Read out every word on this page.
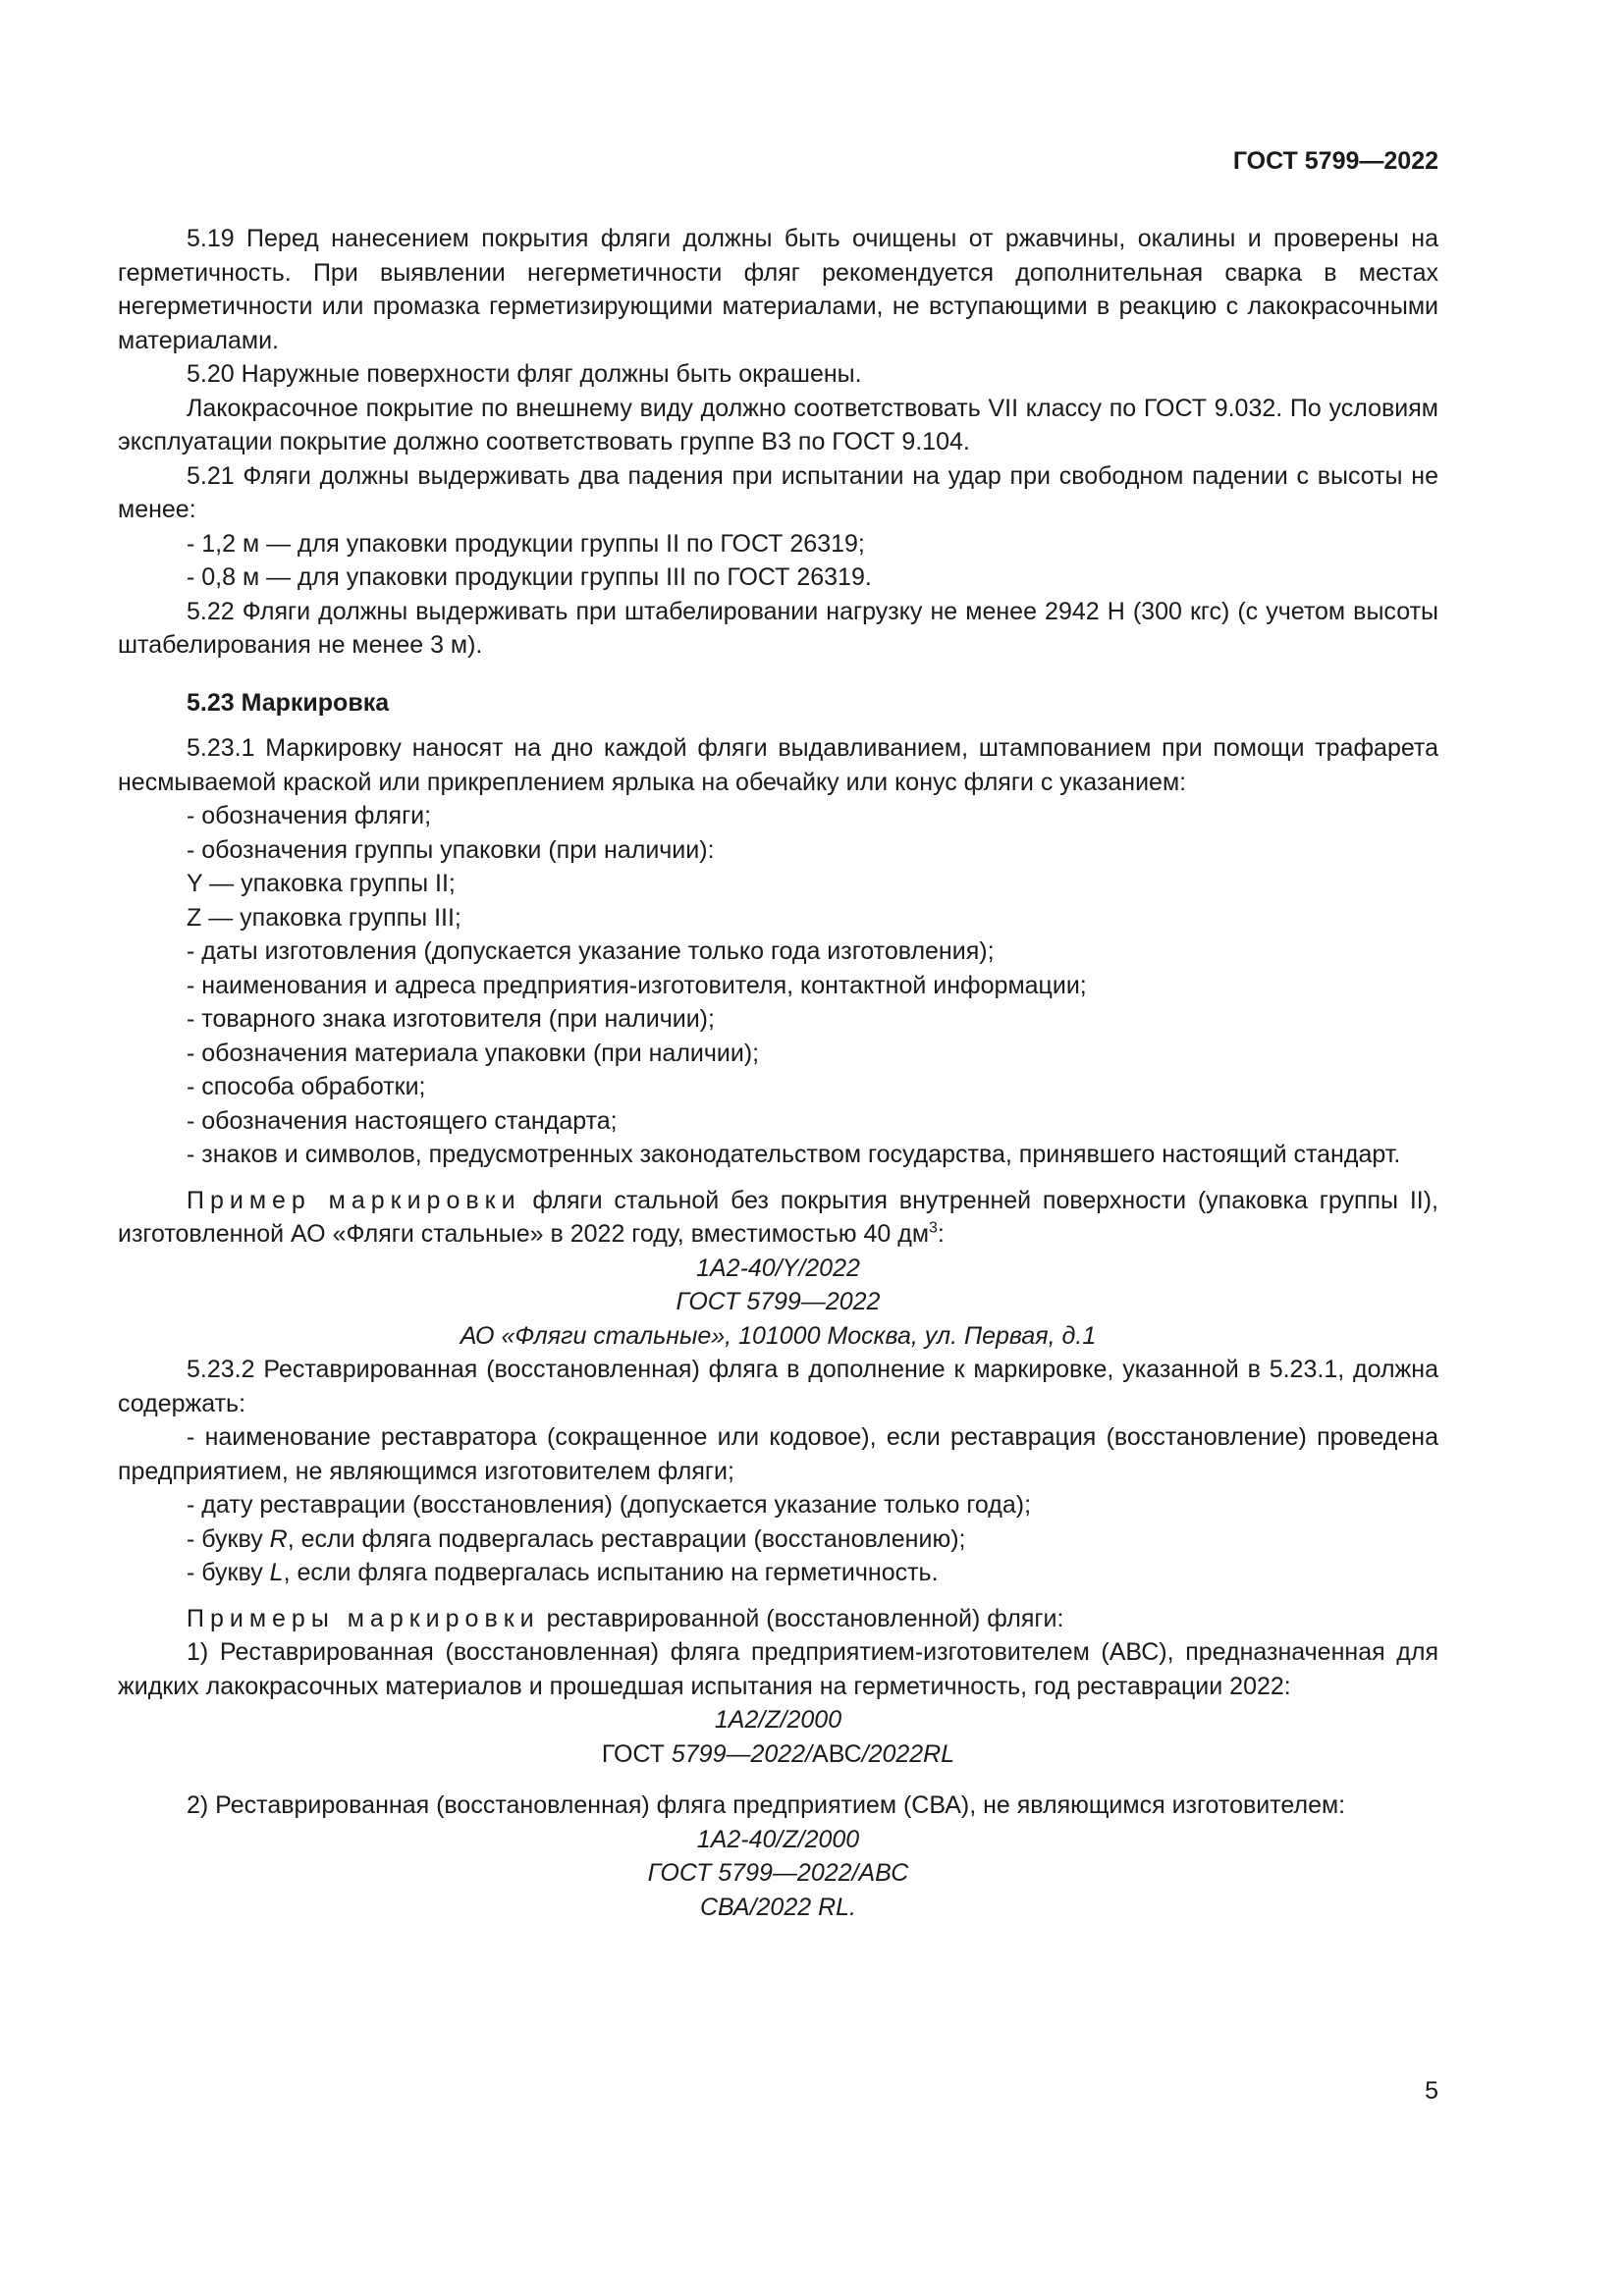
ГОСТ 5799—2022

5.19 Перед нанесением покрытия фляги должны быть очищены от ржавчины, окалины и проверены на герметичность. При выявлении негерметичности фляг рекомендуется дополнительная сварка в местах негерметичности или промазка герметизирующими материалами, не вступающими в реакцию с лакокрасочными материалами.

5.20 Наружные поверхности фляг должны быть окрашены.

Лакокрасочное покрытие по внешнему виду должно соответствовать VII классу по ГОСТ 9.032. По условиям эксплуатации покрытие должно соответствовать группе В3 по ГОСТ 9.104.

5.21 Фляги должны выдерживать два падения при испытании на удар при свободном падении с высоты не менее:

- 1,2 м — для упаковки продукции группы II по ГОСТ 26319;

- 0,8 м — для упаковки продукции группы III по ГОСТ 26319.

5.22 Фляги должны выдерживать при штабелировании нагрузку не менее 2942 Н (300 кгс) (с учетом высоты штабелирования не менее 3 м).

5.23 Маркировка

5.23.1 Маркировку наносят на дно каждой фляги выдавливанием, штампованием при помощи трафарета несмываемой краской или прикреплением ярлыка на обечайку или конус фляги с указанием:

- обозначения фляги;

- обозначения группы упаковки (при наличии):

Y — упаковка группы II;

Z — упаковка группы III;

- даты изготовления (допускается указание только года изготовления);

- наименования и адреса предприятия-изготовителя, контактной информации;

- товарного знака изготовителя (при наличии);

- обозначения материала упаковки (при наличии);

- способа обработки;

- обозначения настоящего стандарта;

- знаков и символов, предусмотренных законодательством государства, принявшего настоящий стандарт.

Пример маркировки фляги стальной без покрытия внутренней поверхности (упаковка группы II), изготовленной АО «Фляги стальные» в 2022 году, вместимостью 40 $дм^3$:

1A2-40/Y/2022

ГОСТ 5799—2022

АО «Фляги стальные», 101000 Москва, ул. Первая, д.1

5.23.2 Реставрированная (восстановленная) фляга в дополнение к маркировке, указанной в 5.23.1, должна содержать:

- наименование реставратора (сокращенное или кодовое), если реставрация (восстановление) проведена предприятием, не являющимся изготовителем фляги;

- дату реставрации (восстановления) (допускается указание только года);

- букву R, если фляга подвергалась реставрации (восстановлению);

- букву L, если фляга подвергалась испытанию на герметичность.

Примеры маркировки реставрированной (восстановленной) фляги:

1) Реставрированная (восстановленная) фляга предприятием-изготовителем (АВС), предназначенная для жидких лакокрасочных материалов и прошедшая испытания на герметичность, год реставрации 2022:

1A2/Z/2000

ГОСТ 5799—2022/АВС/2022RL

2) Реставрированная (восстановленная) фляга предприятием (СВА), не являющимся изготовителем:

1A2-40/Z/2000

ГОСТ 5799—2022/АВС

СВА/2022 RL.

5
